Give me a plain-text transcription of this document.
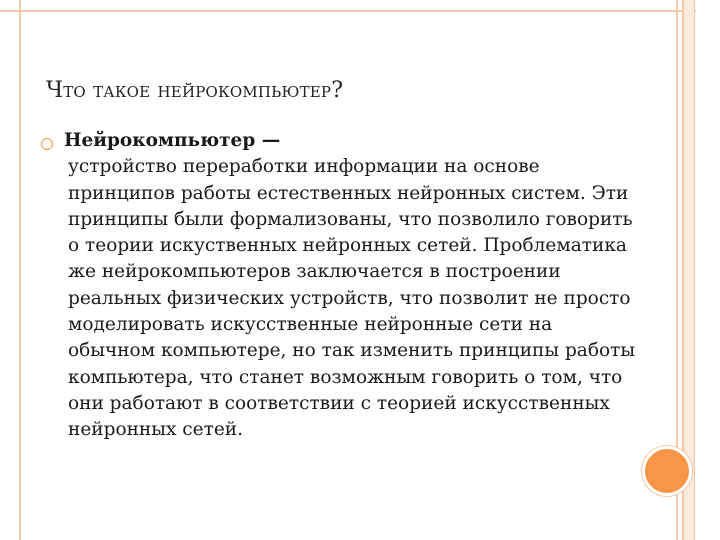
Что такое нейрокомпьютер?
Нейрокомпьютер —
устройство переработки информации на основе принципов работы естественных нейронных систем. Эти принципы были формализованы, что позволило говорить о теории искуственных нейронных сетей. Проблематика же нейрокомпьютеров заключается в построении реальных физических устройств, что позволит не просто моделировать искусственные нейронные сети на обычном компьютере, но так изменить принципы работы компьютера, что станет возможным говорить о том, что они работают в соответствии с теорией искусственных нейронных сетей.
